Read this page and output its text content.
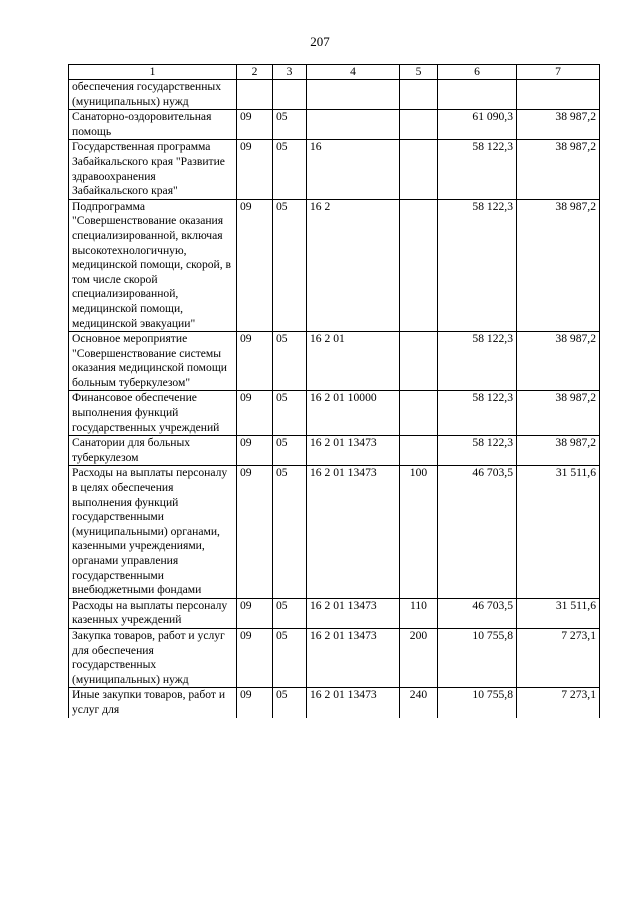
207
1	2	3	4	5	6	7
обеспечения государственных (муниципальных) нужд						
Санаторно-оздоровительная помощь	09	05			61 090,3	38 987,2
Государственная программа Забайкальского края "Развитие здравоохранения Забайкальского края"	09	05	16		58 122,3	38 987,2
Подпрограмма "Совершенствование оказания специализированной, включая высокотехнологичную, медицинской помощи, скорой, в том числе скорой специализированной, медицинской помощи, медицинской эвакуации"	09	05	16 2		58 122,3	38 987,2
Основное мероприятие "Совершенствование системы оказания медицинской помощи больным туберкулезом"	09	05	16 2 01		58 122,3	38 987,2
Финансовое обеспечение выполнения функций государственных учреждений	09	05	16 2 01 10000		58 122,3	38 987,2
Санатории для больных туберкулезом	09	05	16 2 01 13473		58 122,3	38 987,2
Расходы на выплаты персоналу в целях обеспечения выполнения функций государственными (муниципальными) органами, казенными учреждениями, органами управления государственными внебюджетными фондами	09	05	16 2 01 13473	100	46 703,5	31 511,6
Расходы на выплаты персоналу казенных учреждений	09	05	16 2 01 13473	110	46 703,5	31 511,6
Закупка товаров, работ и услуг для обеспечения государственных (муниципальных) нужд	09	05	16 2 01 13473	200	10 755,8	7 273,1
Иные закупки товаров, работ и услуг для	09	05	16 2 01 13473	240	10 755,8	7 273,1
